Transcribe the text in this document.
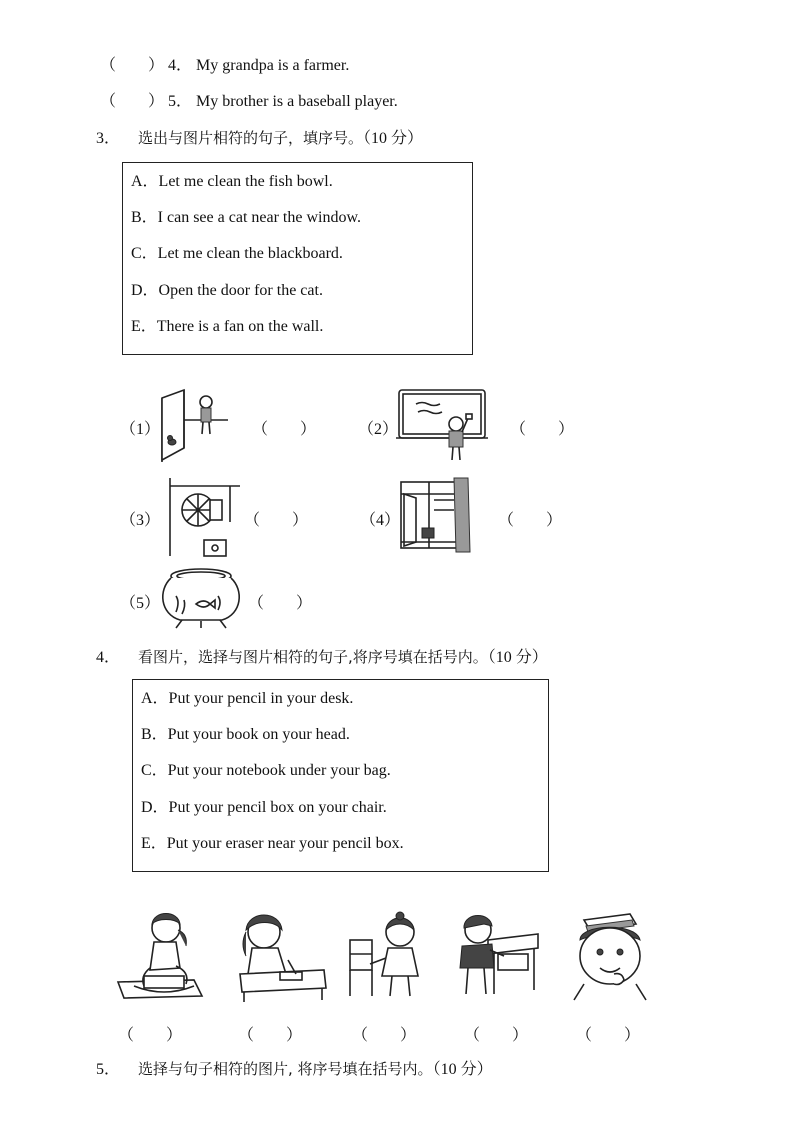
（　　） 4． My grandpa is a farmer.
（　　） 5． My brother is a baseball player.
3． 选出与图片相符的句子，填序号。（10 分）
A．Let me clean the fish bowl.
B．I can see a cat near the window.
C．Let me clean the blackboard.
D．Open the door for the cat.
E．There is a fan on the wall.
（1）	（　　）	（2）	（　　）
（3）	（　　）	（4）	（　　）
（5）	（　　）
4． 看图片，选择与图片相符的句子,将序号填在括号内。（10 分）
A．Put your pencil in your desk.
B．Put your book on your head.
C．Put your notebook under your bag.
D．Put your pencil box on your chair.
E．Put your eraser near your pencil box.
（　　）	（　　）	（　　）	（　　）	（　　）
5． 选择与句子相符的图片, 将序号填在括号内。（10 分）
